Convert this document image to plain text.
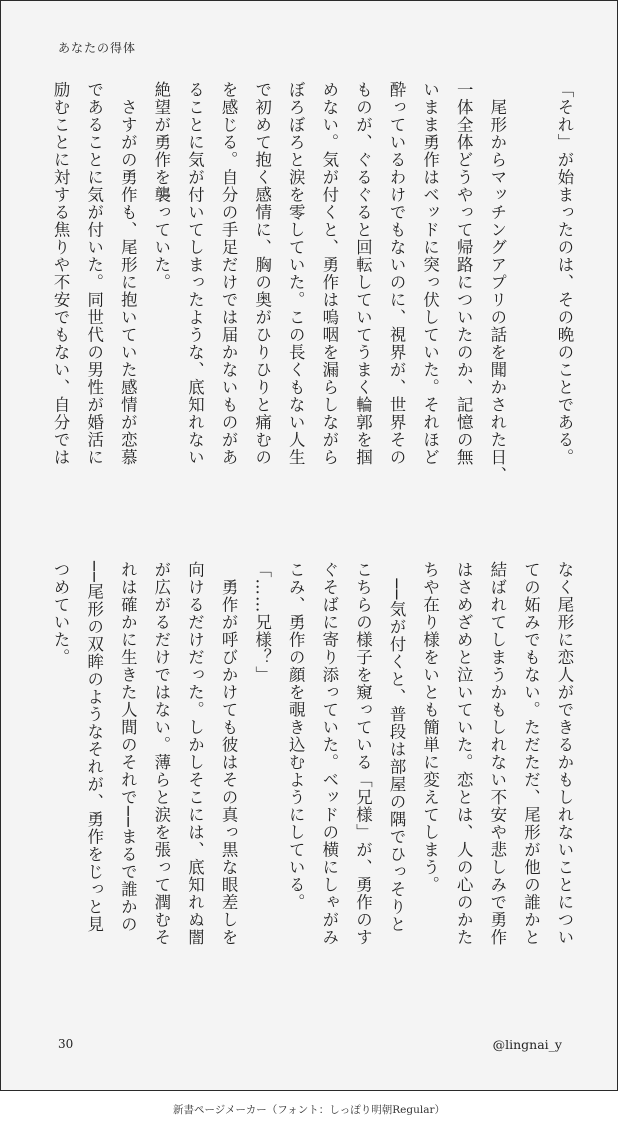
あなたの得体
「それ」が始まったのは、その晩のことである。

　尾形からマッチングアプリの話を聞かされた日、
一体全体どうやって帰路についたのか、記憶の無
いまま勇作はベッドに突っ伏していた。それほど
酔っているわけでもないのに、視界が、世界その
ものが、ぐるぐると回転していてうまく輪郭を掴
めない。気が付くと、勇作は嗚咽を漏らしながら
ぼろぼろと涙を零していた。この長くもない人生
で初めて抱く感情に、胸の奥がひりひりと痛むの
を感じる。自分の手足だけでは届かないものがあ
ることに気が付いてしまったような、底知れない
絶望が勇作を襲っていた。
　さすがの勇作も、尾形に抱いていた感情が恋慕
であることに気が付いた。同世代の男性が婚活に
励むことに対する焦りや不安でもない、自分では
なく尾形に恋人ができるかもしれないことについ
ての妬みでもない。ただただ、尾形が他の誰かと
結ばれてしまうかもしれない不安や悲しみで勇作
はさめざめと泣いていた。恋とは、人の心のかた
ちや在り様をいとも簡単に変えてしまう。
　──気が付くと、普段は部屋の隅でひっそりと
こちらの様子を窺っている「兄様」が、勇作のす
ぐそばに寄り添っていた。ベッドの横にしゃがみ
こみ、勇作の顔を覗き込むようにしている。
「……兄様？」
　勇作が呼びかけても彼はその真っ黒な眼差しを
向けるだけだった。しかしそこには、底知れぬ闇
が広がるだけではない。薄らと涙を張って潤むそ
れは確かに生きた人間のそれで──まるで誰かの
──尾形の双眸のようなそれが、勇作をじっと見
つめていた。
30	@lingnai_y
新書ページメーカー（フォント：しっぽり明朝Regular）
